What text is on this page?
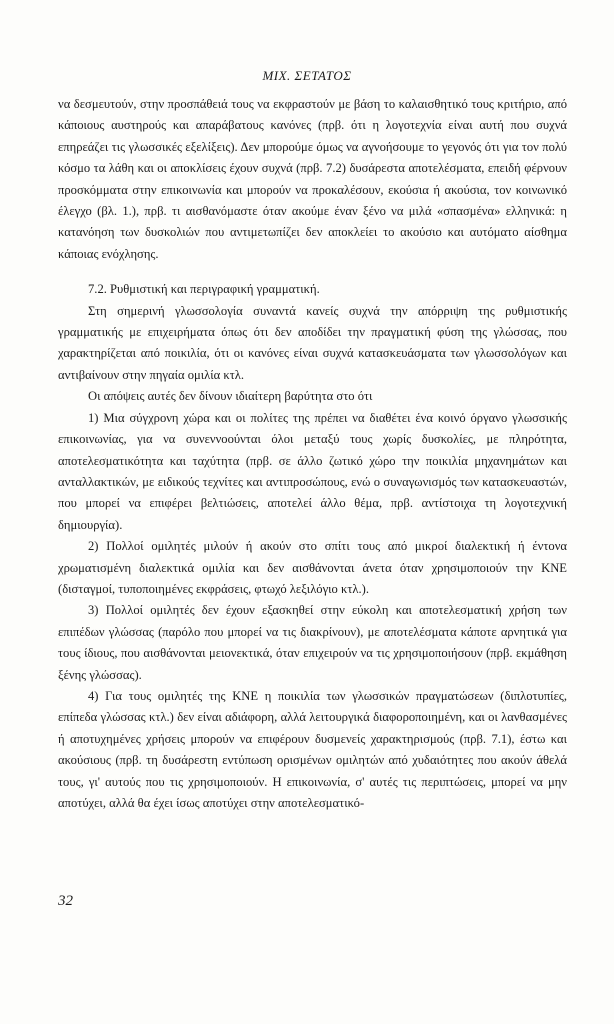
ΜΙΧ. ΣΕΤΑΤΟΣ

να δεσμευτούν, στην προσπάθειά τους να εκφραστούν με βάση το καλαισθητικό τους κριτήριο, από κάποιους αυστηρούς και απαράβατους κανόνες (πρβ. ότι η λογοτεχνία είναι αυτή που συχνά επηρεάζει τις γλωσσικές εξελίξεις). Δεν μπορούμε όμως να αγνοήσουμε το γεγονός ότι για τον πολύ κόσμο τα λάθη και οι αποκλίσεις έχουν συχνά (πρβ. 7.2) δυσάρεστα αποτελέσματα, επειδή φέρνουν προσκόμματα στην επικοινωνία και μπορούν να προκαλέσουν, εκούσια ή ακούσια, τον κοινωνικό έλεγχο (βλ. 1.), πρβ. τι αισθανόμαστε όταν ακούμε έναν ξένο να μιλά «σπασμένα» ελληνικά: η κατανόηση των δυσκολιών που αντιμετωπίζει δεν αποκλείει το ακούσιο και αυτόματο αίσθημα κάποιας ενόχλησης.

7.2. Ρυθμιστική και περιγραφική γραμματική.

Στη σημερινή γλωσσολογία συναντά κανείς συχνά την απόρριψη της ρυθμιστικής γραμματικής με επιχειρήματα όπως ότι δεν αποδίδει την πραγματική φύση της γλώσσας, που χαρακτηρίζεται από ποικιλία, ότι οι κανόνες είναι συχνά κατασκευάσματα των γλωσσολόγων και αντιβαίνουν στην πηγαία ομιλία κτλ.

Οι απόψεις αυτές δεν δίνουν ιδιαίτερη βαρύτητα στο ότι

1) Μια σύγχρονη χώρα και οι πολίτες της πρέπει να διαθέτει ένα κοινό όργανο γλωσσικής επικοινωνίας, για να συνεννοούνται όλοι μεταξύ τους χωρίς δυσκολίες, με πληρότητα, αποτελεσματικότητα και ταχύτητα (πρβ. σε άλλο ζωτικό χώρο την ποικιλία μηχανημάτων και ανταλλακτικών, με ειδικούς τεχνίτες και αντιπροσώπους, ενώ ο συναγωνισμός των κατασκευαστών, που μπορεί να επιφέρει βελτιώσεις, αποτελεί άλλο θέμα, πρβ. αντίστοιχα τη λογοτεχνική δημιουργία).

2) Πολλοί ομιλητές μιλούν ή ακούν στο σπίτι τους από μικροί διαλεκτική ή έντονα χρωματισμένη διαλεκτικά ομιλία και δεν αισθάνονται άνετα όταν χρησιμοποιούν την ΚΝΕ (δισταγμοί, τυποποιημένες εκφράσεις, φτωχό λεξιλόγιο κτλ.).

3) Πολλοί ομιλητές δεν έχουν εξασκηθεί στην εύκολη και αποτελεσματική χρήση των επιπέδων γλώσσας (παρόλο που μπορεί να τις διακρίνουν), με αποτελέσματα κάποτε αρνητικά για τους ίδιους, που αισθάνονται μειονεκτικά, όταν επιχειρούν να τις χρησιμοποιήσουν (πρβ. εκμάθηση ξένης γλώσσας).

4) Για τους ομιλητές της ΚΝΕ η ποικιλία των γλωσσικών πραγματώσεων (διπλοτυπίες, επίπεδα γλώσσας κτλ.) δεν είναι αδιάφορη, αλλά λειτουργικά διαφοροποιημένη, και οι λανθασμένες ή αποτυχημένες χρήσεις μπορούν να επιφέρουν δυσμενείς χαρακτηρισμούς (πρβ. 7.1), έστω και ακούσιους (πρβ. τη δυσάρεστη εντύπωση ορισμένων ομιλητών από χυδαιότητες που ακούν άθελά τους, γι' αυτούς που τις χρησιμοποιούν. Η επικοινωνία, σ' αυτές τις περιπτώσεις, μπορεί να μην αποτύχει, αλλά θα έχει ίσως αποτύχει στην αποτελεσματικό-

32
